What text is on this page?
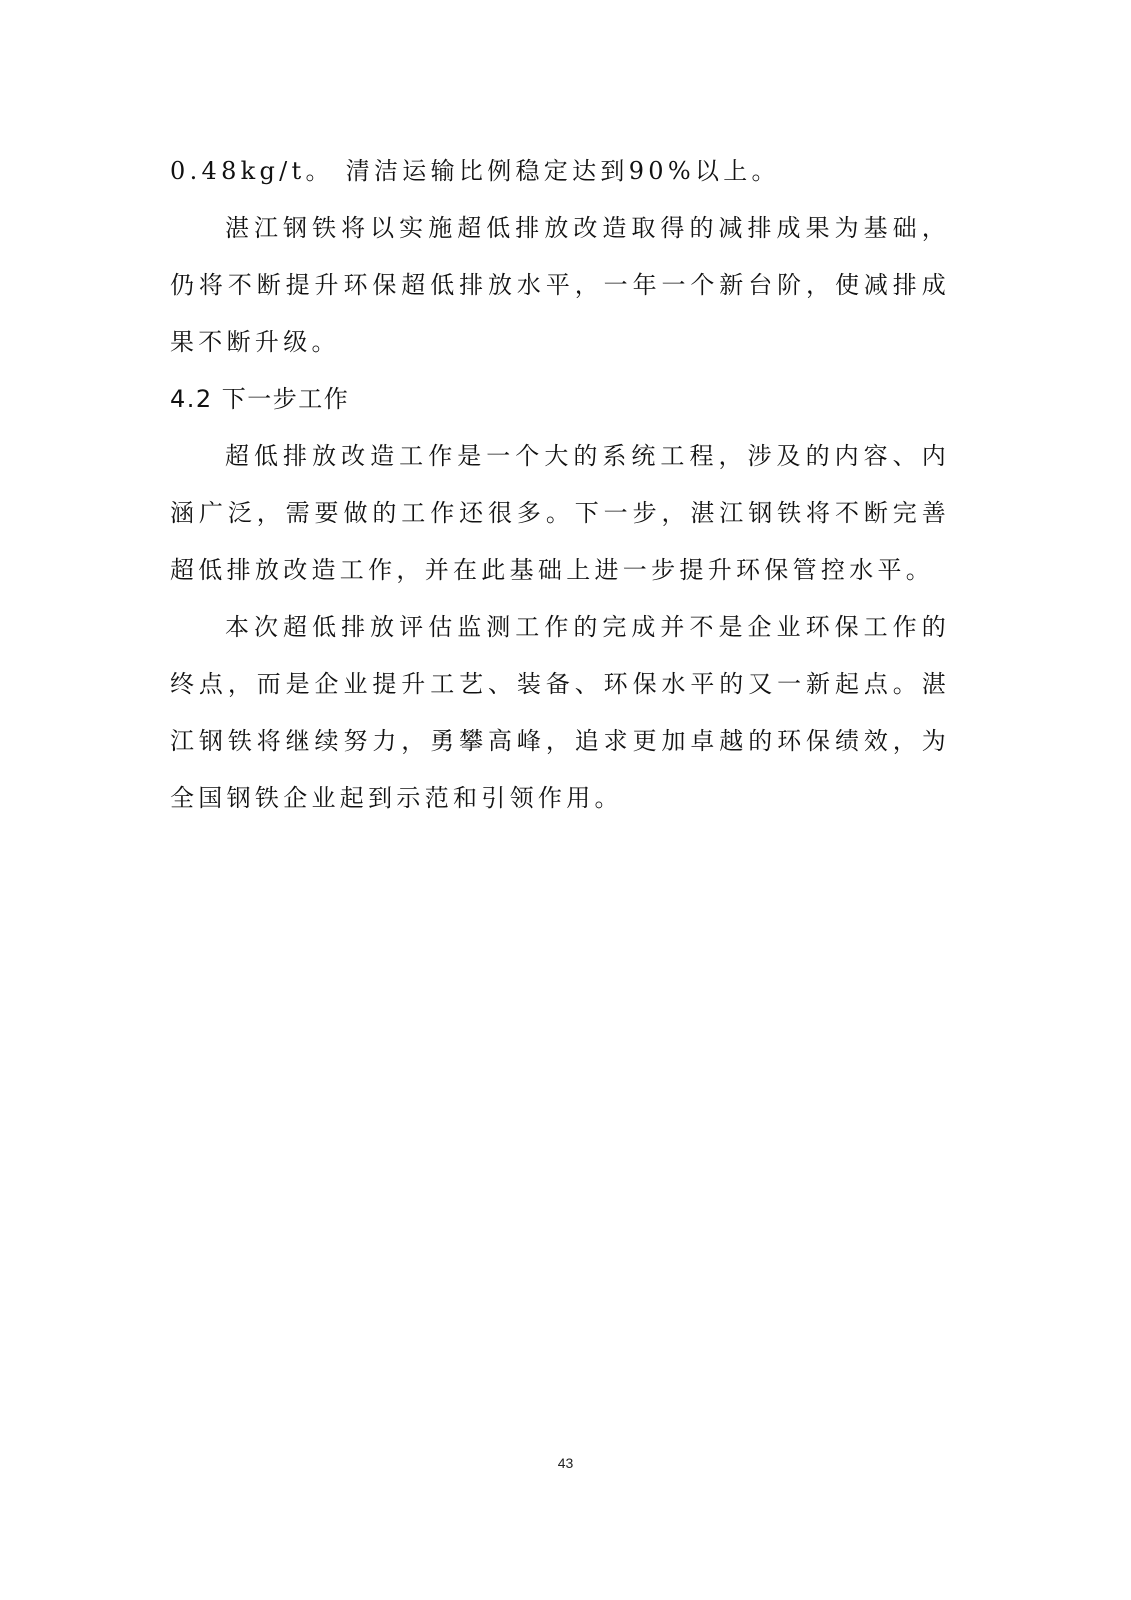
0.48kg/t。 清洁运输比例稳定达到90%以上。

湛江钢铁将以实施超低排放改造取得的减排成果为基础，仍将不断提升环保超低排放水平，一年一个新台阶，使减排成果不断升级。

4.2 下一步工作

超低排放改造工作是一个大的系统工程，涉及的内容、内涵广泛，需要做的工作还很多。下一步，湛江钢铁将不断完善超低排放改造工作，并在此基础上进一步提升环保管控水平。

本次超低排放评估监测工作的完成并不是企业环保工作的终点，而是企业提升工艺、装备、环保水平的又一新起点。湛江钢铁将继续努力，勇攀高峰，追求更加卓越的环保绩效，为全国钢铁企业起到示范和引领作用。

43
